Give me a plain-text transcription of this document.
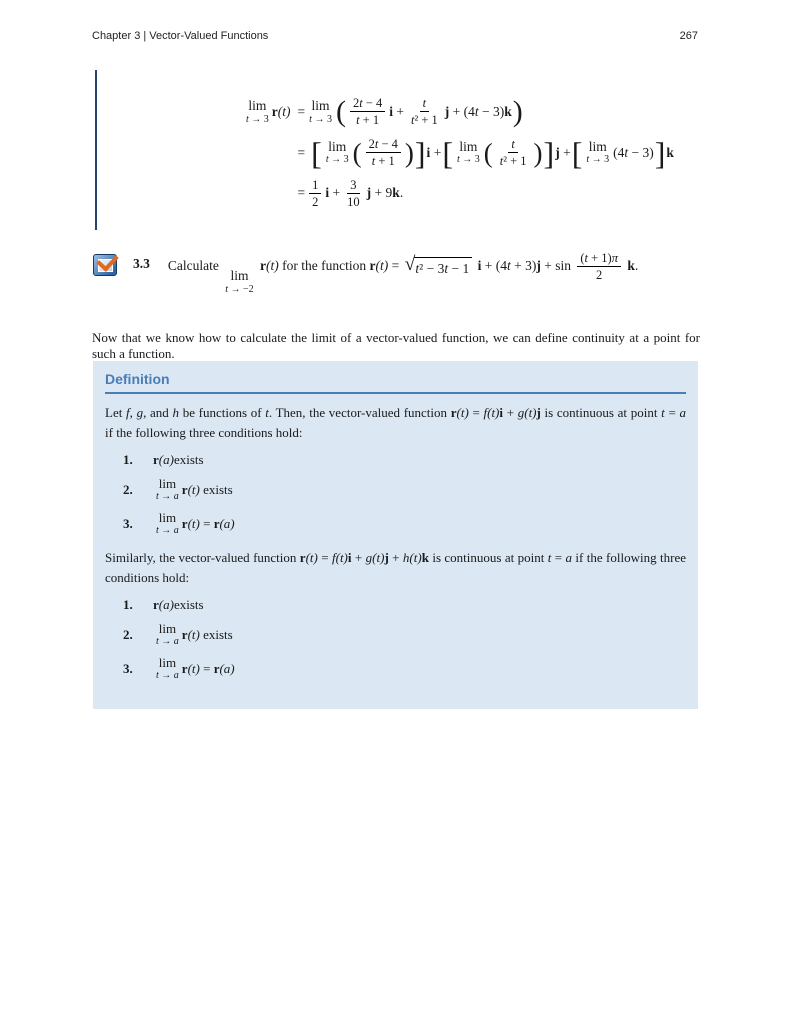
Chapter 3 | Vector-Valued Functions	267
lim
t → 3
r(t) = lim
t → 3 ( $\frac{2t - 4}{t + 1}$ $i + \frac{t}{\text{t² + 1}}$ j + (4t − 3)k )
= [ lim
t → 3 ( $\frac{2t - 4}{t + 1}$ ) ] i + [ lim
t → 3 ( $\frac{t}{\text{t² + 1}}$ ) ] j + [ lim
t → 3
(4t − 3) ] k
= $\frac{1}{2}$ $i + \frac{3}{10}$ j + 9k.
3.3 Calculate
lim
t → −2
r(t) for the function r(t) = √ t² − 3t − 1 $i + (4t + 3)j + \sin \frac{(t + 1)\pi}{2} k$.

Now that we know how to calculate the limit of a vector-valued function, we can define continuity at a point for such a function.

Definition

Let f, g, and h be functions of t. Then, the vector-valued function r(t) = f(t)i + g(t)j is continuous at point t = a if the following three conditions hold:

1.	r (a) exists
2.	lim
t → a r(t) exists
3.	lim
t → a r(t) = r(a)

Similarly, the vector-valued function r(t) = f(t)i + g(t)j + h(t)k is continuous at point t = a if the following three conditions hold:

1.	r (a) exists
2.	lim
t → a r(t) exists
3.	lim
t → a r(t) = r(a)
